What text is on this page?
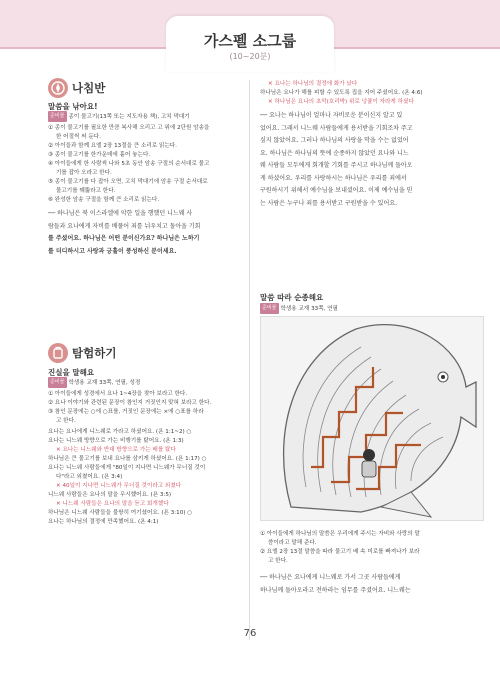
가스펠 소그룹
(10~20분)
나침반
말씀을 낚아요!
준비물 종이 물고기(13쪽 또는 지도자용 책), 고치 막대기
① 종이 물고기를 필요한 만큼 복사해 오리고 고 위에 2단원 암송을
한 어절씩 써 둔다.
② 아이들과 함께 요엘 2장 13절을 큰 소리로 읽는다.
③ 종이 물고기를 한가운데에 흩어 놓는다.
④ 아이들에게 한 사람씩 나와 5초 동안 암송 구절의 순서대로 물고
기를 잡아 오라고 한다.
⑤ 종이 물고기를 다 잡아 오면, 고치 막대기에 암송 구절 순서대로
물고기를 꿰뚫라고 한다.
⑥ 완성한 암송 구절을 함께 큰 소리로 읽는다.
── 하나님은 북 이스라엘에 악한 일을 행했던 니느웨 사
람들과 요나에게 자비를 베풀어 죄를 뉘우치고 돌아올 기회
를 주셨어요. 하나님은 어떤 분이신가요? 하나님은 노하기
를 더디하시고 사랑과 긍휼이 풍성하신 분이세요.
탐험하기
진실을 말해요
준비물 학생용 교재 33쪽, 연필, 성경
① 아이들에게 성경에서 요나 1~4장을 찾아 보라고 한다.
② 요나 이야기와 관련된 문장이 참인지 거짓인지 맞혀 보라고 한다.
③ 참인 문장에는 ○에 ○표를, 거짓인 문장에는 ×에 ○표를 하라
고 한다.
요나는 요나에게 니느웨로 가라고 하셨어요. (욘 1:1~2) ○
요나는 니느웨 방향으로 가는 비행기를 탔어요. (욘 1:3)
✕ 요나는 니느웨와 반대 방향으로 가는 배를 탔다
하나님은 큰 물고기를 보내 요나를 삼키게 하셨어요. (욘 1:17) ○
요나는 니느웨 사람들에게 "80일이 지나면 니느웨가 무너질 것이
다"라고 외쳤어요. (욘 3:4)
✕ 40일이 지나면 니느웨가 무너질 것이라고 외쳤다
니느웨 사람들은 요나의 말을 무시했어요. (욘 3:5)
✕ 니느웨 사람들은 요나의 말을 듣고 회개했다
하나님은 니느웨 사람들을 불쌍히 여기셨어요. (욘 3:10) ○
요나는 하나님의 결정에 만족했어요. (욘 4:1)
✕ 요나는 하나님의 결정에 화가 났다
하나님은 요나가 해를 피할 수 있도록 집을 지어 주셨어요. (욘 4:6)
✕ 하나님은 요나의 초막(호리박) 위로 넝쿨이 자라게 하셨다
── 요나는 하나님이 얼마나 자비로운 분이신지 알고 있
었어요. 그래서 니느웨 사람들에게 용서받을 기회조차 주고
싶지 않았어요. 그러나 하나님의 사랑을 막을 수는 없었어
요. 하나님은 하나님의 뜻에 순종하지 않았던 요나와 니느
웨 사람들 모두에게 회개할 기회를 주시고 하나님께 돌아오
게 하셨어요. 우리를 사랑하시는 하나님은 우리를 죄에서
구원하시기 위해서 예수님을 보내셨어요. 이제 예수님을 믿
는 사람은 누구나 죄를 용서받고 구원받을 수 있어요.
말씀 따라 순종해요
준비물 학생용 교재 33쪽, 연필
① 아이들에게 하나님의 말씀은 우리에게 주시는 자비와 사랑의 말
씀이라고 말해 준다.
② 요엘 2장 13절 말씀을 따라 물고기 배 속 미로를 빠져나가 보라
고 한다.
── 하나님은 요나에게 니느웨로 가서 그곳 사람들에게
하나님께 돌아오라고 전하라는 임무를 주셨어요. 니느웨는
76
